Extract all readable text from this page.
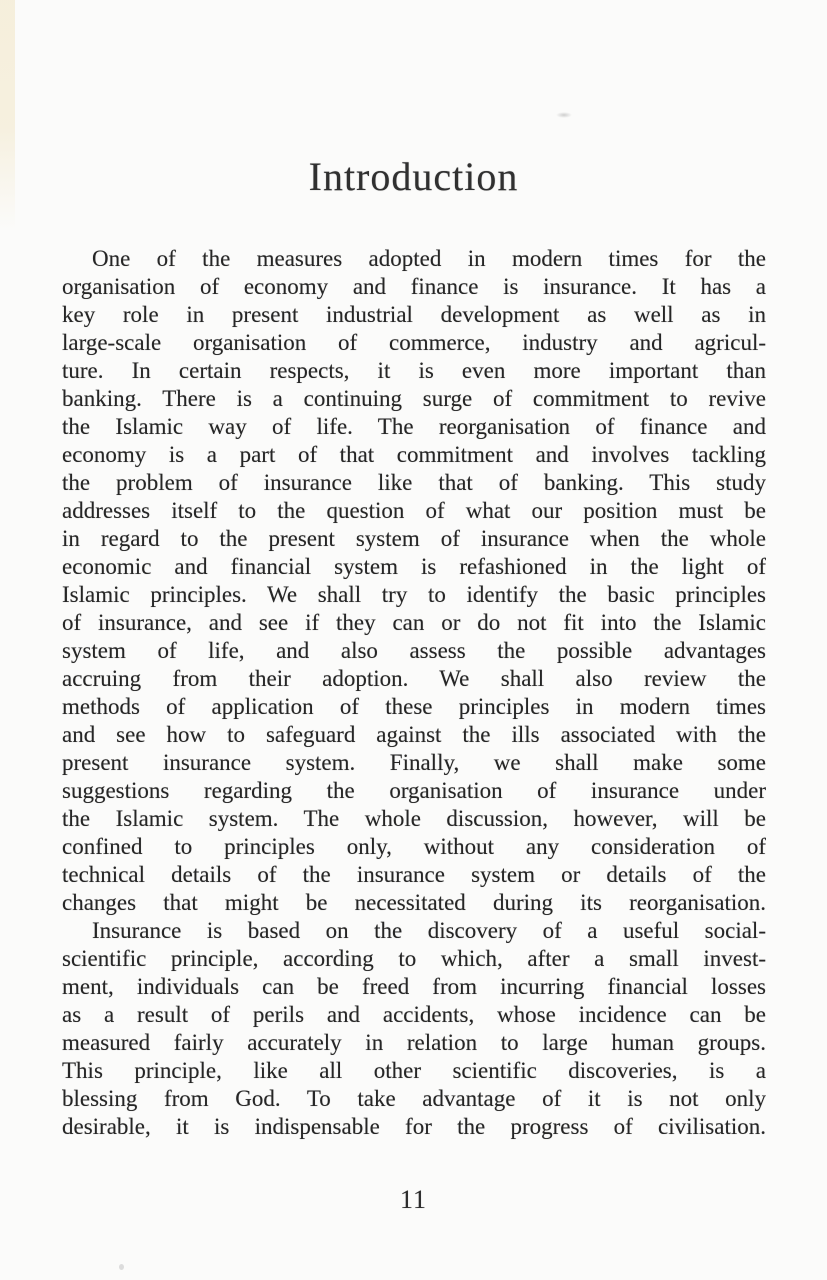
Introduction
One of the measures adopted in modern times for the
organisation of economy and finance is insurance. It has a
key role in present industrial development as well as in
large-scale organisation of commerce, industry and agricul-
ture. In certain respects, it is even more important than
banking. There is a continuing surge of commitment to revive
the Islamic way of life. The reorganisation of finance and
economy is a part of that commitment and involves tackling
the problem of insurance like that of banking. This study
addresses itself to the question of what our position must be
in regard to the present system of insurance when the whole
economic and financial system is refashioned in the light of
Islamic principles. We shall try to identify the basic principles
of insurance, and see if they can or do not fit into the Islamic
system of life, and also assess the possible advantages
accruing from their adoption. We shall also review the
methods of application of these principles in modern times
and see how to safeguard against the ills associated with the
present insurance system. Finally, we shall make some
suggestions regarding the organisation of insurance under
the Islamic system. The whole discussion, however, will be
confined to principles only, without any consideration of
technical details of the insurance system or details of the
changes that might be necessitated during its reorganisation.
Insurance is based on the discovery of a useful social-
scientific principle, according to which, after a small invest-
ment, individuals can be freed from incurring financial losses
as a result of perils and accidents, whose incidence can be
measured fairly accurately in relation to large human groups.
This principle, like all other scientific discoveries, is a
blessing from God. To take advantage of it is not only
desirable, it is indispensable for the progress of civilisation.
11
